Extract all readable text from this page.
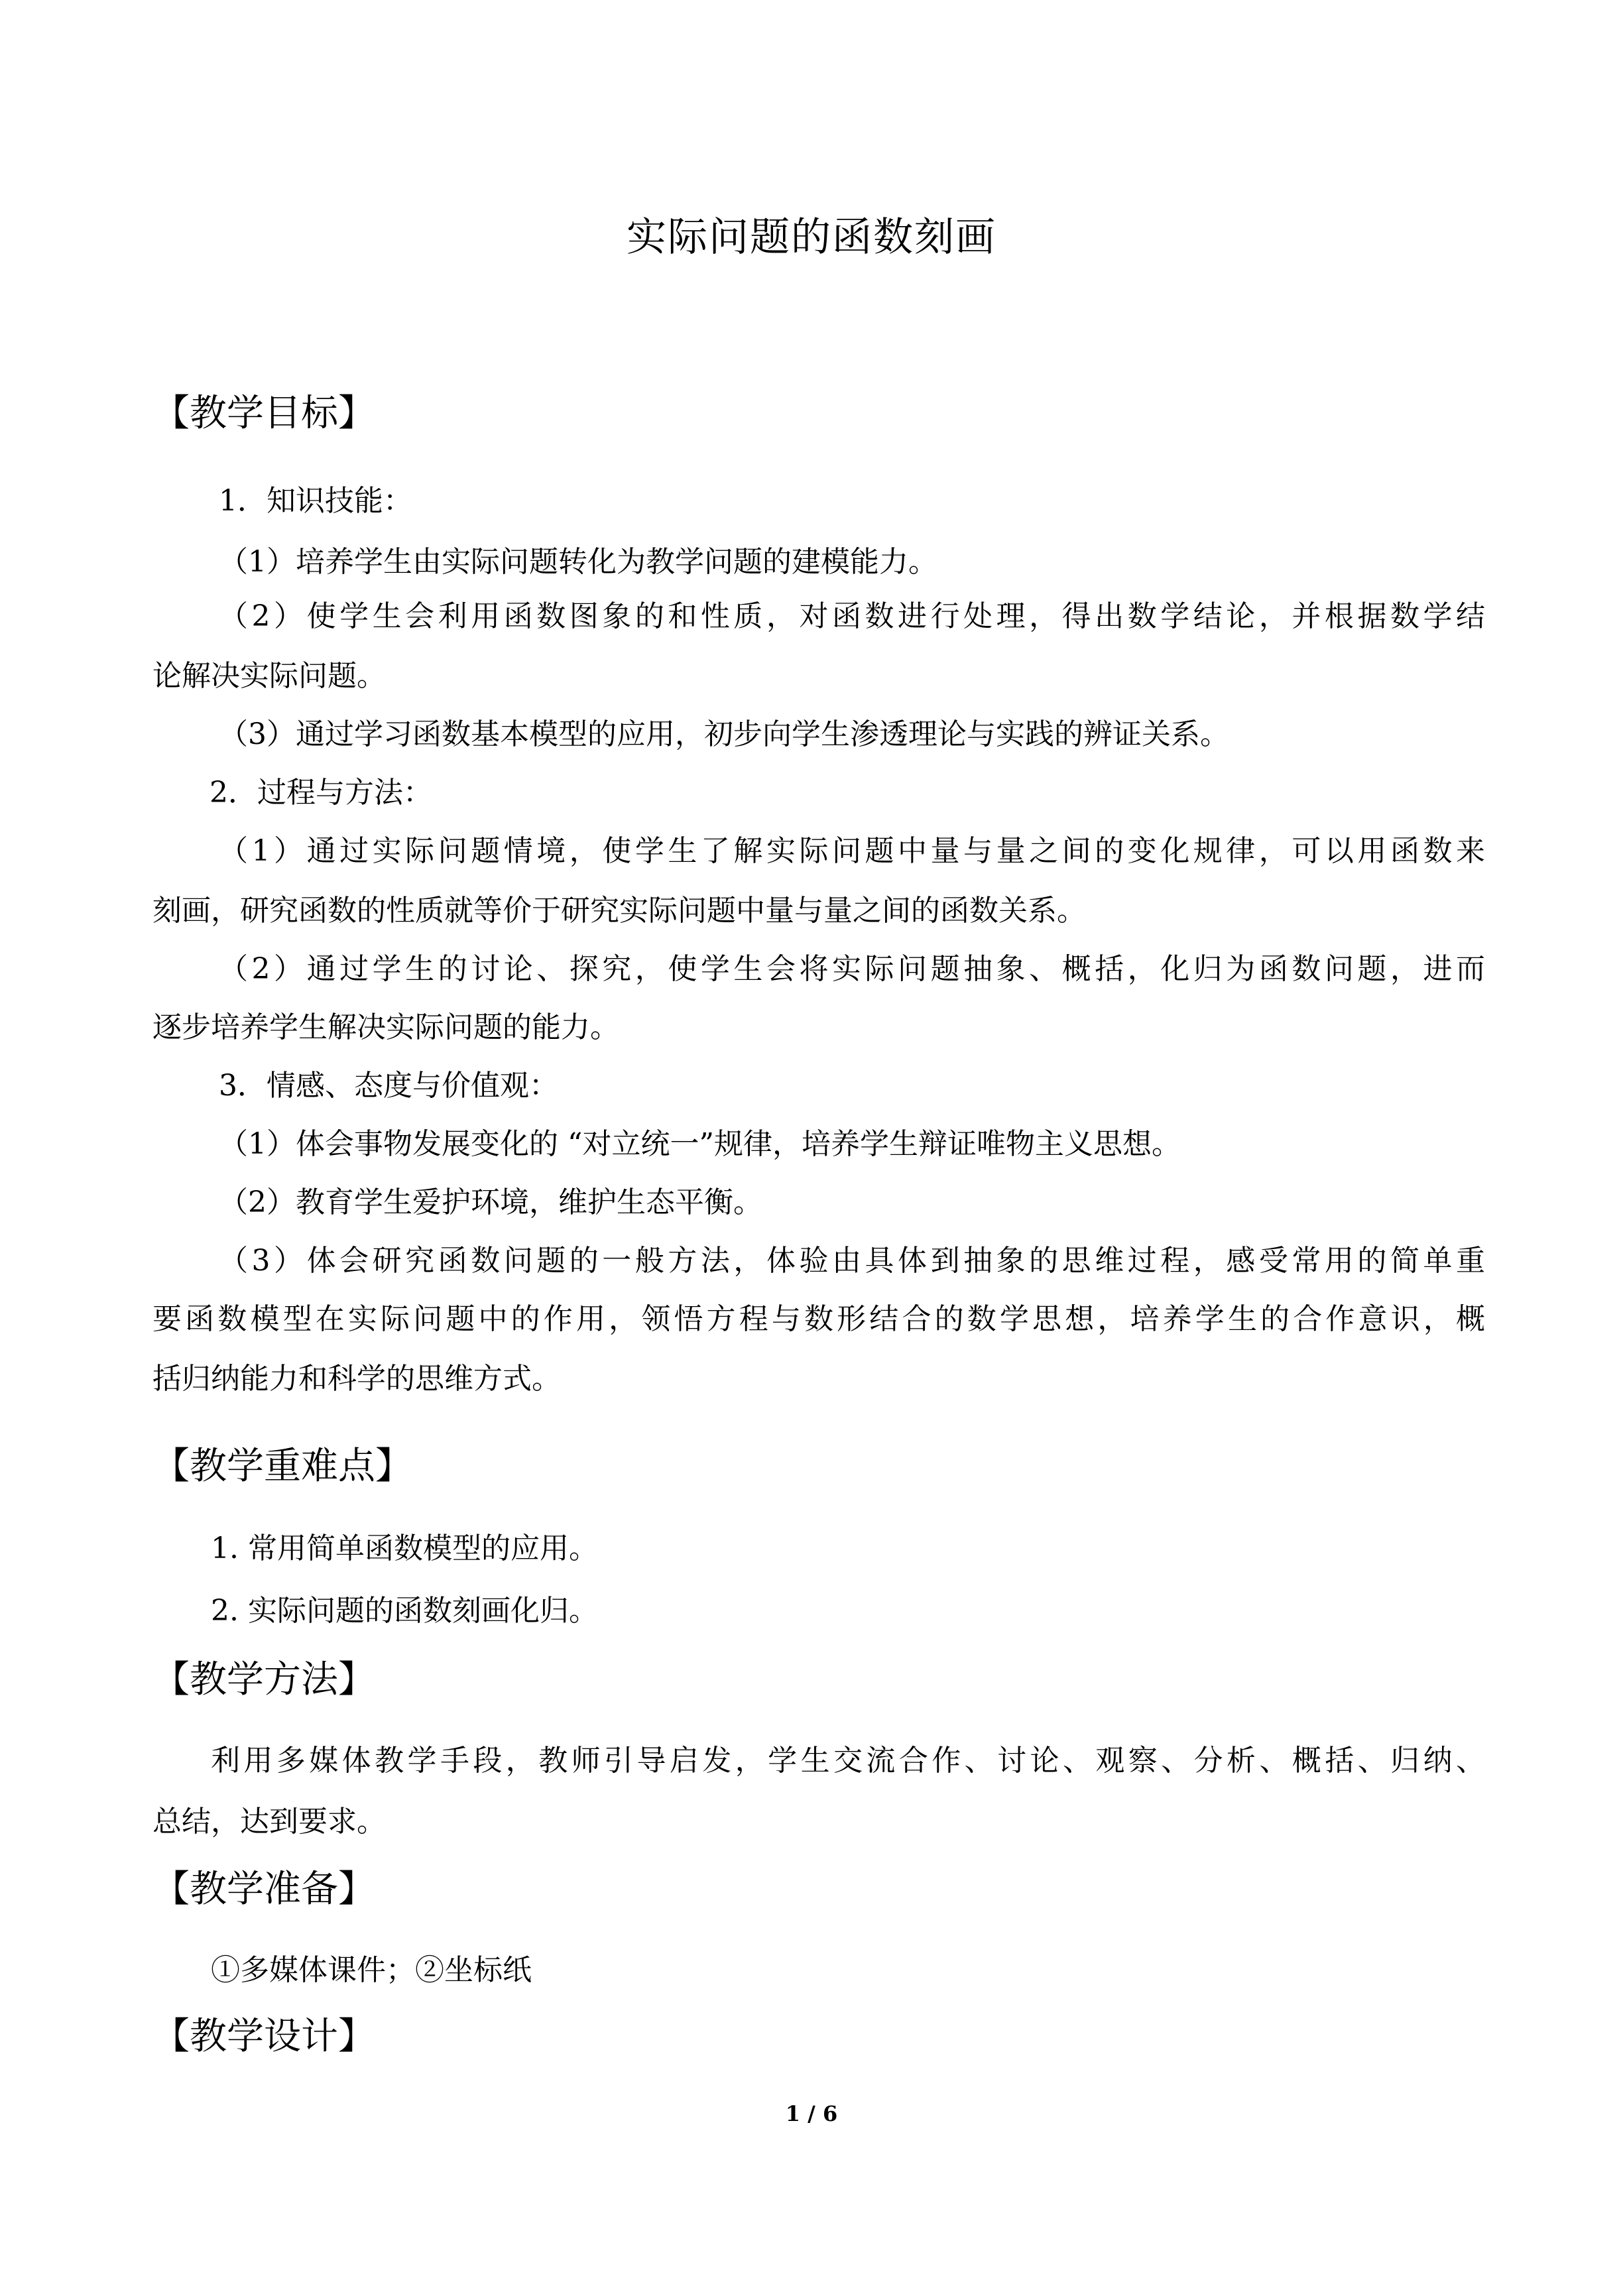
实际问题的函数刻画
【教学目标】
1．知识技能：
（1）培养学生由实际问题转化为教学问题的建模能力。
（2）使学生会利用函数图象的和性质，对函数进行处理，得出数学结论，并根据数学结
论解决实际问题。
（3）通过学习函数基本模型的应用，初步向学生渗透理论与实践的辨证关系。
2．过程与方法：
（1）通过实际问题情境，使学生了解实际问题中量与量之间的变化规律，可以用函数来
刻画，研究函数的性质就等价于研究实际问题中量与量之间的函数关系。
（2）通过学生的讨论、探究，使学生会将实际问题抽象、概括，化归为函数问题，进而
逐步培养学生解决实际问题的能力。
3．情感、态度与价值观：
（1）体会事物发展变化的 “对立统一”规律，培养学生辩证唯物主义思想。
（2）教育学生爱护环境，维护生态平衡。
（3）体会研究函数问题的一般方法，体验由具体到抽象的思维过程，感受常用的简单重
要函数模型在实际问题中的作用，领悟方程与数形结合的数学思想，培养学生的合作意识，概
括归纳能力和科学的思维方式。
【教学重难点】
1. 常用简单函数模型的应用。
2. 实际问题的函数刻画化归。
【教学方法】
利用多媒体教学手段，教师引导启发，学生交流合作、讨论、观察、分析、概括、归纳、
总结，达到要求。
【教学准备】
①多媒体课件；②坐标纸
【教学设计】
1 / 6
